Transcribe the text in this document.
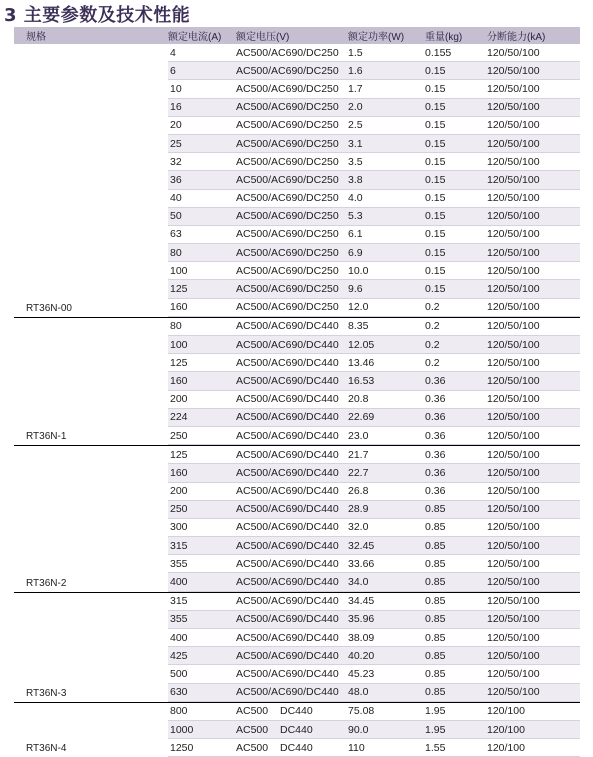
3 主要参数及技术性能
规格	额定电流(A)	额定电压(V)	额定功率(W)	重量(kg)	分断能力(kA)
RT36N-00
4	AC500/AC690/DC250 1.5	0.155	120/50/100
6	AC500/AC690/DC250 1.6	0.15	120/50/100
10	AC500/AC690/DC250 1.7	0.15	120/50/100
16	AC500/AC690/DC250 2.0	0.15	120/50/100
20	AC500/AC690/DC250 2.5	0.15	120/50/100
25	AC500/AC690/DC250 3.1	0.15	120/50/100
32	AC500/AC690/DC250 3.5	0.15	120/50/100
36	AC500/AC690/DC250 3.8	0.15	120/50/100
40	AC500/AC690/DC250 4.0	0.15	120/50/100
50	AC500/AC690/DC250 5.3	0.15	120/50/100
63	AC500/AC690/DC250 6.1	0.15	120/50/100
80	AC500/AC690/DC250 6.9	0.15	120/50/100
100	AC500/AC690/DC250 10.0	0.15	120/50/100
125	AC500/AC690/DC250 9.6	0.15	120/50/100
160	AC500/AC690/DC250 12.0	0.2	120/50/100
RT36N-1
80	AC500/AC690/DC440 8.35	0.2	120/50/100
100	AC500/AC690/DC440 12.05	0.2	120/50/100
125	AC500/AC690/DC440 13.46	0.2	120/50/100
160	AC500/AC690/DC440 16.53	0.36	120/50/100
200	AC500/AC690/DC440 20.8	0.36	120/50/100
224	AC500/AC690/DC440 22.69	0.36	120/50/100
250	AC500/AC690/DC440 23.0	0.36	120/50/100
RT36N-2
125	AC500/AC690/DC440 21.7	0.36	120/50/100
160	AC500/AC690/DC440 22.7	0.36	120/50/100
200	AC500/AC690/DC440 26.8	0.36	120/50/100
250	AC500/AC690/DC440 28.9	0.85	120/50/100
300	AC500/AC690/DC440 32.0	0.85	120/50/100
315	AC500/AC690/DC440 32.45	0.85	120/50/100
355	AC500/AC690/DC440 33.66	0.85	120/50/100
400	AC500/AC690/DC440 34.0	0.85	120/50/100
RT36N-3
315	AC500/AC690/DC440 34.45	0.85	120/50/100
355	AC500/AC690/DC440 35.96	0.85	120/50/100
400	AC500/AC690/DC440 38.09	0.85	120/50/100
425	AC500/AC690/DC440 40.20	0.85	120/50/100
500	AC500/AC690/DC440 45.23	0.85	120/50/100
630	AC500/AC690/DC440 48.0	0.85	120/50/100
RT36N-4
800	AC500	DC440	75.08	1.95	120/100
1000	AC500	DC440	90.0	1.95	120/100
1250	AC500	DC440	110	1.55	120/100
